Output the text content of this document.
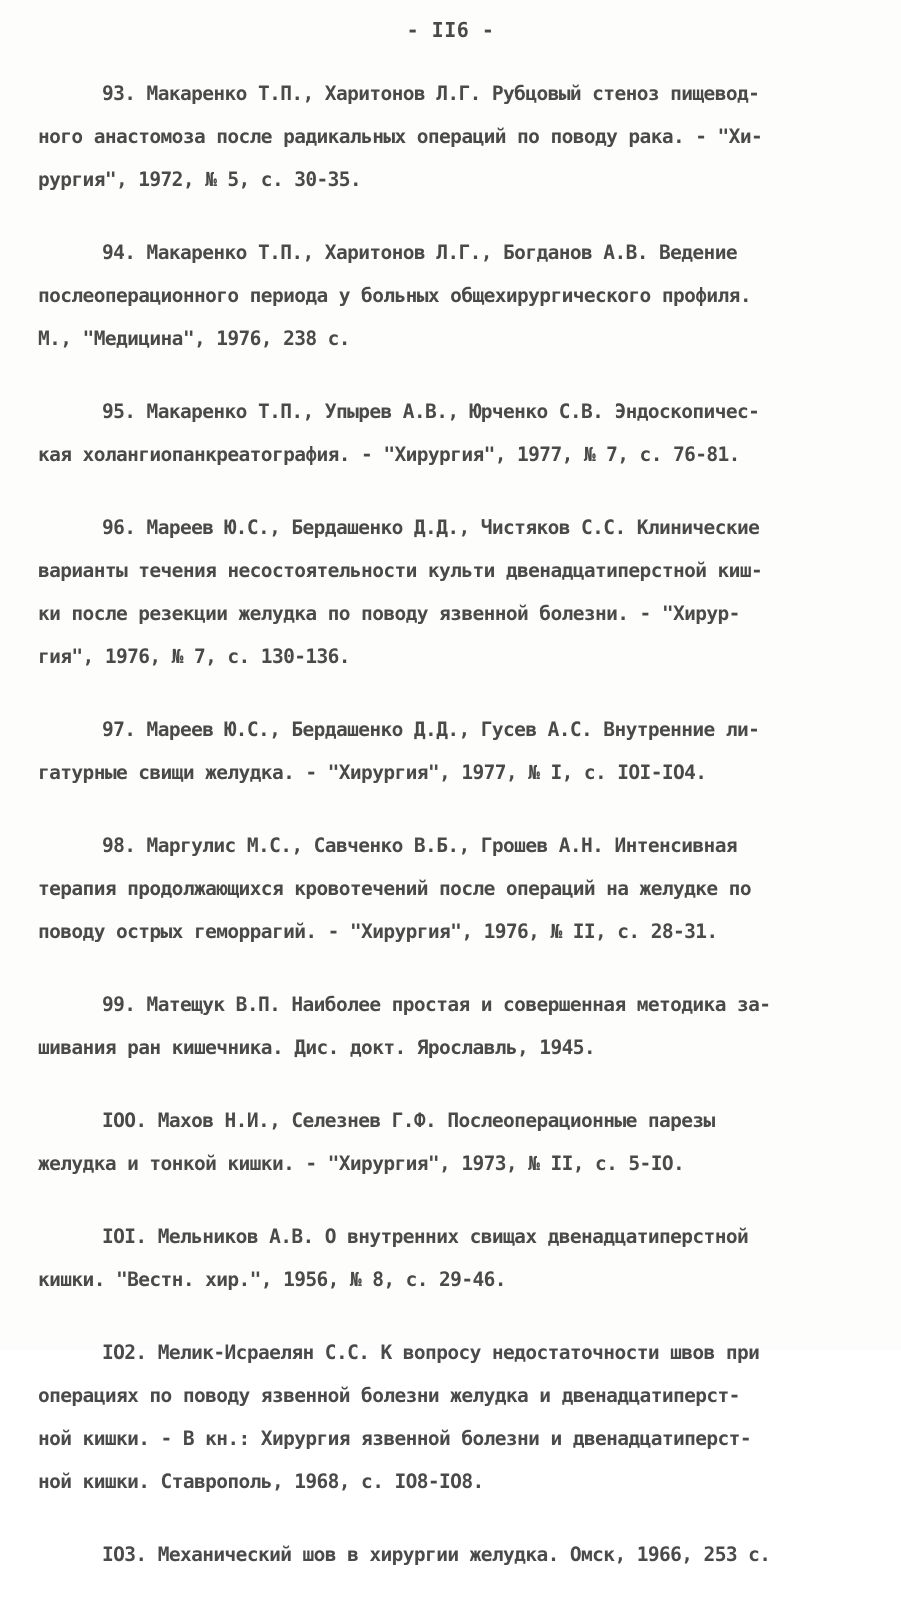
- II6 -
93. Макаренко Т.П., Харитонов Л.Г. Рубцовый стеноз пищевод-
ного анастомоза после радикальных операций по поводу рака. - "Хи-
рургия", 1972, № 5, с. 30-35.
94. Макаренко Т.П., Харитонов Л.Г., Богданов А.В. Ведение
послеоперационного периода у больных общехирургического профиля.
М., "Медицина", 1976, 238 с.
95. Макаренко Т.П., Упырев А.В., Юрченко С.В. Эндоскопичес-
кая холангиопанкреатография. - "Хирургия", 1977, № 7, с. 76-81.
96. Мареев Ю.С., Бердашенко Д.Д., Чистяков С.С. Клинические
варианты течения несостоятельности культи двенадцатиперстной киш-
ки после резекции желудка по поводу язвенной болезни. - "Хирур-
гия", 1976, № 7, с. 130-136.
97. Мареев Ю.С., Бердашенко Д.Д., Гусев А.С. Внутренние ли-
гатурные свищи желудка. - "Хирургия", 1977, № I, с. IOI-IO4.
98. Маргулис М.С., Савченко В.Б., Грошев А.Н. Интенсивная
терапия продолжающихся кровотечений после операций на желудке по
поводу острых геморрагий. - "Хирургия", 1976, № II, с. 28-31.
99. Матещук В.П. Наиболее простая и совершенная методика за-
шивания ран кишечника. Дис. докт. Ярославль, 1945.
IOO. Махов Н.И., Селезнев Г.Ф. Послеоперационные парезы
желудка и тонкой кишки. - "Хирургия", 1973, № II, с. 5-IO.
IOI. Мельников А.В. О внутренних свищах двенадцатиперстной
кишки. "Вестн. хир.", 1956, № 8, с. 29-46.
IO2. Мелик-Исраелян С.С. К вопросу недостаточности швов при
операциях по поводу язвенной болезни желудка и двенадцатиперст-
ной кишки. - В кн.: Хирургия язвенной болезни и двенадцатиперст-
ной кишки. Ставрополь, 1968, с. IO8-IO8.
IO3. Механический шов в хирургии желудка. Омск, 1966, 253 с.
